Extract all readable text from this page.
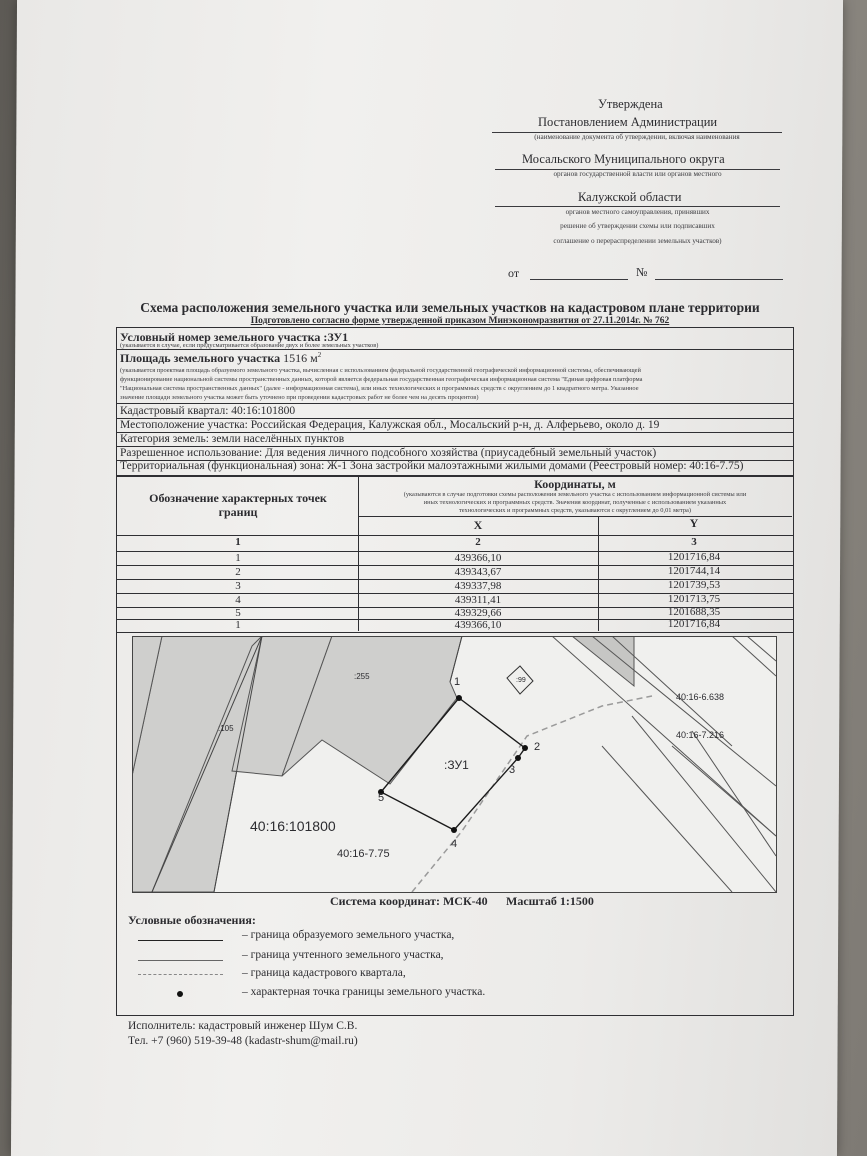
Утверждена
Постановлением Администрации
(наименование документа об утверждении, включая наименования
Мосальского Муниципального округа
органов государственной власти или органов местного
Калужской области
органов местного самоуправления, принявших
решение об утверждении схемы или подписавших
соглашение о перераспределении земельных участков)
от	№
Схема расположения земельного участка или земельных участков на кадастровом плане территории
Подготовлено согласно форме утвержденной приказом Минэкономразвития от 27.11.2014г. № 762
Условный номер земельного участка :ЗУ1
(указывается в случае, если предусматривается образование двух и более земельных участков)
Площадь земельного участка 1516 $м^2$
(указывается проектная площадь образуемого земельного участка, вычисленная с использованием федеральной государственной географической информационной системы, обеспечивающей
функционирование национальной системы пространственных данных, которой является федеральная государственная географическая информационная система "Единая цифровая платформа
"Национальная система пространственных данных" (далее - информационная система), или иных технологических и программных средств с округлением до 1 квадратного метра. Указанное
значение площади земельного участка может быть уточнено при проведении кадастровых работ не более чем на десять процентов)
Кадастровый квартал: 40:16:101800
Местоположение участка: Российская Федерация, Калужская обл., Мосальский р-н, д. Алферьево, около д. 19
Категория земель: земли населённых пунктов
Разрешенное использование: Для ведения личного подсобного хозяйства (приусадебный земельный участок)
Территориальная (функциональная) зона: Ж-1 Зона застройки малоэтажными жилыми домами (Реестровый номер: 40:16-7.75)
Обозначение характерных точек
границ
Координаты, м
(указываются в случае подготовки схемы расположения земельного участка с использованием информационной системы или
иных технологических и программных средств. Значения координат, полученные с использованием указанных
технологических и программных средств, указываются с округлением до 0,01 метра)
X	Y
1	2	3
1	439366,10	1201716,84
2	439343,67	1201744,14
3	439337,98	1201739,53
4	439311,41	1201713,75
5	439329,66	1201688,35
1	439366,10	1201716,84
:255
:105
:99
:ЗУ1
40:16:101800
40:16-7.75
40:16-6.638
40:16-7.216
1
2
3
4
5
Система координат: МСК-40 Масштаб 1:1500
Условные обозначения:
– граница образуемого земельного участка,
– граница учтенного земельного участка,
– граница кадастрового квартала,
– характерная точка границы земельного участка.
Исполнитель: кадастровый инженер Шум С.В.
Тел. +7 (960) 519-39-48 (kadastr-shum@mail.ru)
